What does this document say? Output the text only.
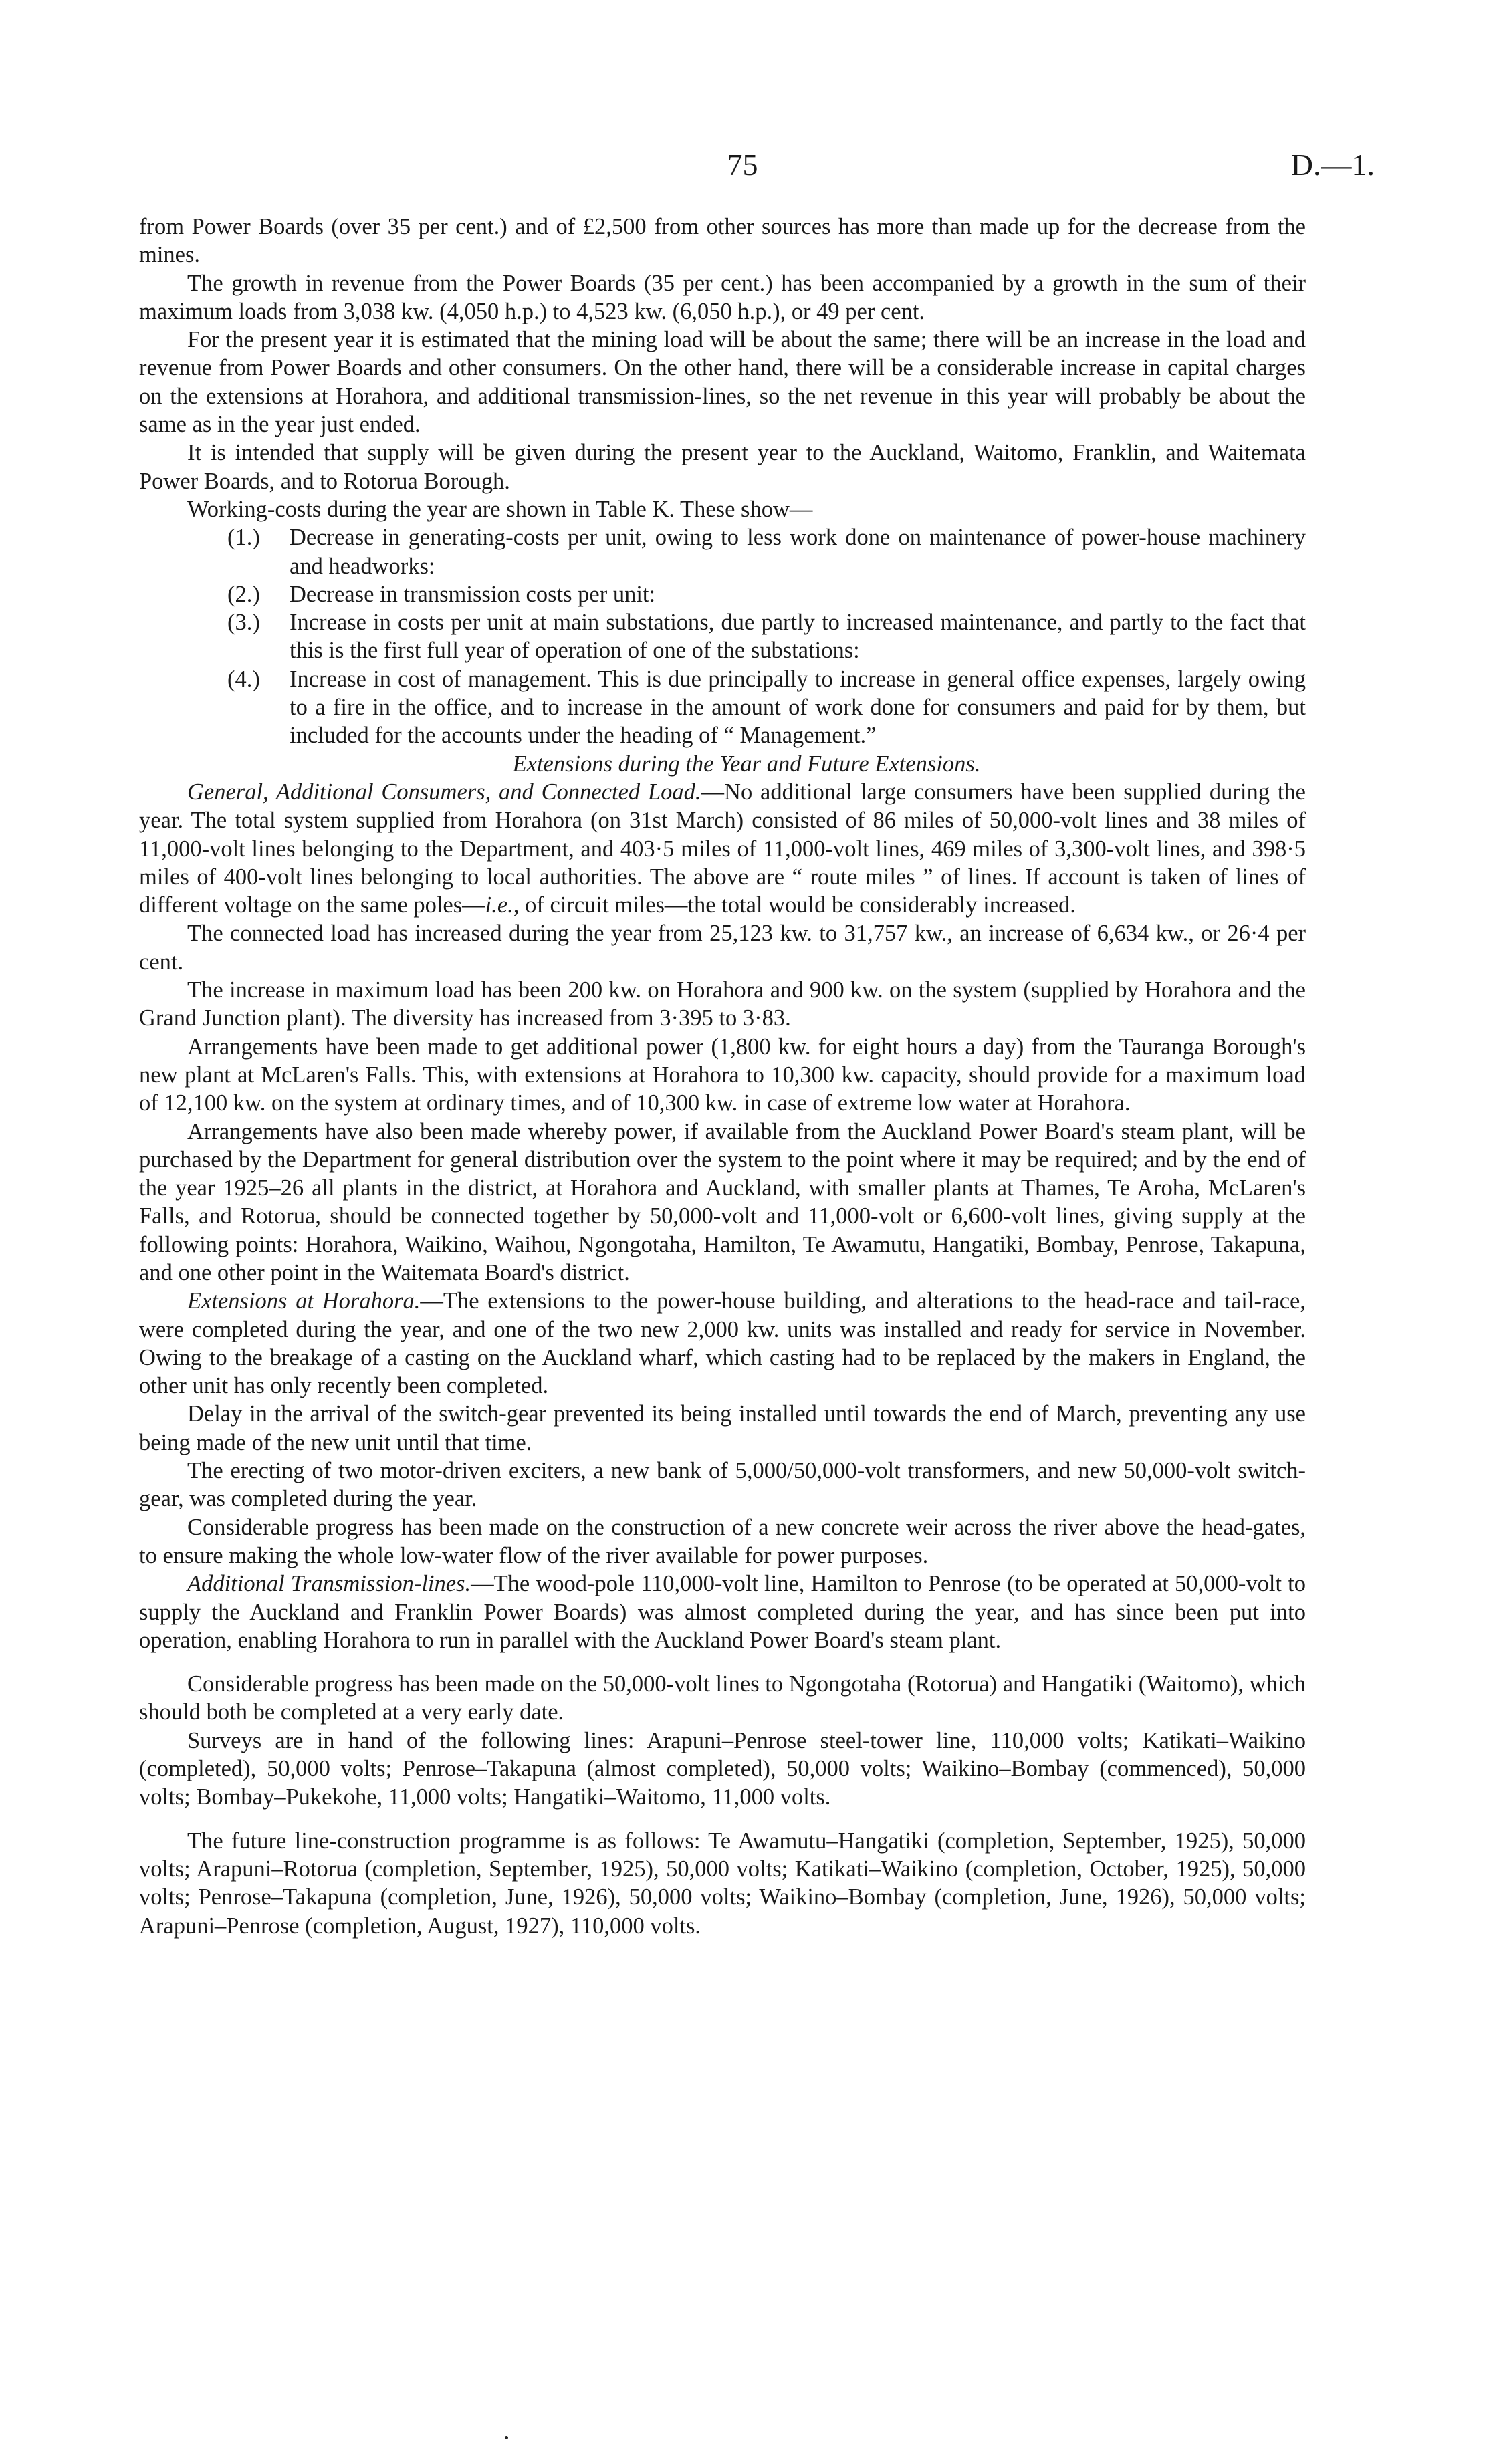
75	D.—1.

from Power Boards (over 35 per cent.) and of £2,500 from other sources has more than made up for the decrease from the mines.

The growth in revenue from the Power Boards (35 per cent.) has been accompanied by a growth in the sum of their maximum loads from 3,038 kw. (4,050 h.p.) to 4,523 kw. (6,050 h.p.), or 49 per cent.

For the present year it is estimated that the mining load will be about the same; there will be an increase in the load and revenue from Power Boards and other consumers. On the other hand, there will be a considerable increase in capital charges on the extensions at Horahora, and additional transmission-lines, so the net revenue in this year will probably be about the same as in the year just ended.

It is intended that supply will be given during the present year to the Auckland, Waitomo, Franklin, and Waitemata Power Boards, and to Rotorua Borough.

Working-costs during the year are shown in Table K. These show—

(1.)	Decrease in generating-costs per unit, owing to less work done on maintenance of power-house machinery and headworks:
(2.)	Decrease in transmission costs per unit:
(3.)	Increase in costs per unit at main substations, due partly to increased maintenance, and partly to the fact that this is the first full year of operation of one of the substations:
(4.)	Increase in cost of management. This is due principally to increase in general office expenses, largely owing to a fire in the office, and to increase in the amount of work done for consumers and paid for by them, but included for the accounts under the heading of “ Management.”

Extensions during the Year and Future Extensions.

General, Additional Consumers, and Connected Load.—No additional large consumers have been supplied during the year. The total system supplied from Horahora (on 31st March) consisted of 86 miles of 50,000-volt lines and 38 miles of 11,000-volt lines belonging to the Department, and 403·5 miles of 11,000-volt lines, 469 miles of 3,300-volt lines, and 398·5 miles of 400-volt lines belonging to local authorities. The above are “ route miles ” of lines. If account is taken of lines of different voltage on the same poles—i.e., of circuit miles—the total would be considerably increased.

The connected load has increased during the year from 25,123 kw. to 31,757 kw., an increase of 6,634 kw., or 26·4 per cent.

The increase in maximum load has been 200 kw. on Horahora and 900 kw. on the system (supplied by Horahora and the Grand Junction plant). The diversity has increased from 3·395 to 3·83.

Arrangements have been made to get additional power (1,800 kw. for eight hours a day) from the Tauranga Borough's new plant at McLaren's Falls. This, with extensions at Horahora to 10,300 kw. capacity, should provide for a maximum load of 12,100 kw. on the system at ordinary times, and of 10,300 kw. in case of extreme low water at Horahora.

Arrangements have also been made whereby power, if available from the Auckland Power Board's steam plant, will be purchased by the Department for general distribution over the system to the point where it may be required; and by the end of the year 1925–26 all plants in the district, at Horahora and Auckland, with smaller plants at Thames, Te Aroha, McLaren's Falls, and Rotorua, should be connected together by 50,000-volt and 11,000-volt or 6,600-volt lines, giving supply at the following points: Horahora, Waikino, Waihou, Ngongotaha, Hamilton, Te Awamutu, Hangatiki, Bombay, Penrose, Takapuna, and one other point in the Waitemata Board's district.

Extensions at Horahora.—The extensions to the power-house building, and alterations to the head-race and tail-race, were completed during the year, and one of the two new 2,000 kw. units was installed and ready for service in November. Owing to the breakage of a casting on the Auckland wharf, which casting had to be replaced by the makers in England, the other unit has only recently been completed.

Delay in the arrival of the switch-gear prevented its being installed until towards the end of March, preventing any use being made of the new unit until that time.

The erecting of two motor-driven exciters, a new bank of 5,000/50,000-volt transformers, and new 50,000-volt switch-gear, was completed during the year.

Considerable progress has been made on the construction of a new concrete weir across the river above the head-gates, to ensure making the whole low-water flow of the river available for power purposes.

Additional Transmission-lines.—The wood-pole 110,000-volt line, Hamilton to Penrose (to be operated at 50,000-volt to supply the Auckland and Franklin Power Boards) was almost completed during the year, and has since been put into operation, enabling Horahora to run in parallel with the Auckland Power Board's steam plant.

Considerable progress has been made on the 50,000-volt lines to Ngongotaha (Rotorua) and Hangatiki (Waitomo), which should both be completed at a very early date.

Surveys are in hand of the following lines: Arapuni–Penrose steel-tower line, 110,000 volts; Katikati–Waikino (completed), 50,000 volts; Penrose–Takapuna (almost completed), 50,000 volts; Waikino–Bombay (commenced), 50,000 volts; Bombay–Pukekohe, 11,000 volts; Hangatiki–Waitomo, 11,000 volts.

The future line-construction programme is as follows: Te Awamutu–Hangatiki (completion, September, 1925), 50,000 volts; Arapuni–Rotorua (completion, September, 1925), 50,000 volts; Katikati–Waikino (completion, October, 1925), 50,000 volts; Penrose–Takapuna (completion, June, 1926), 50,000 volts; Waikino–Bombay (completion, June, 1926), 50,000 volts; Arapuni–Penrose (completion, August, 1927), 110,000 volts.
